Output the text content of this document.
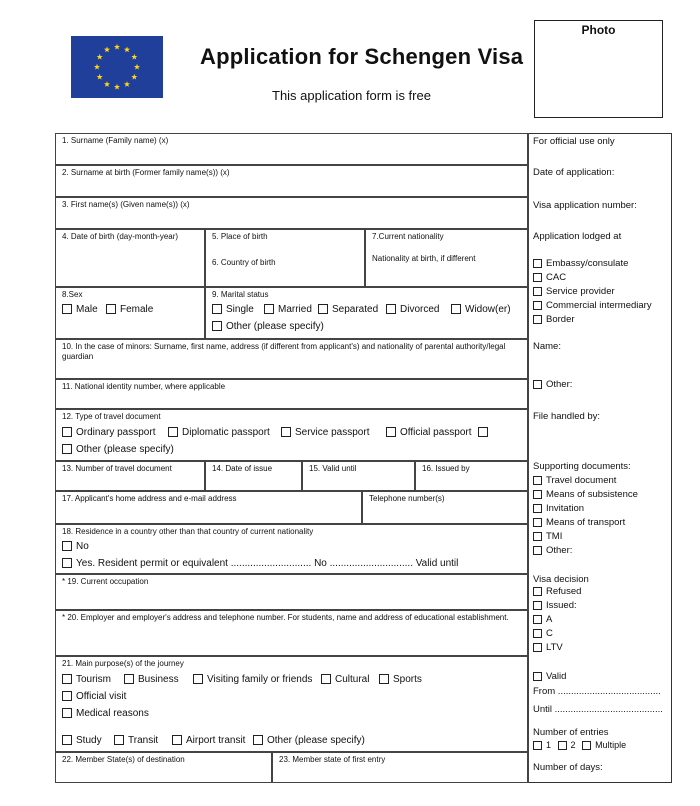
Application for Schengen Visa
This application form is free
Photo
1. Surname (Family name) (x)
2. Surname at birth (Former family name(s)) (x)
3. First name(s) (Given name(s)) (x)
4. Date of birth (day-month-year)	5. Place of birth
6. Country of birth
7.Current nationality
Nationality at birth, if different
8.Sex
Male	Female
9. Marital status
Single	Married	Separated	Divorced	Widow(er)
Other (please specify)
10. In the case of minors: Surname, first name, address (if different from applicant's) and nationality of parental authority/legal guardian
11. National identity number, where applicable
12. Type of travel document
Ordinary passport	Diplomatic passport	Service passport	Official passport
Other (please specify)
13. Number of travel document	14. Date of issue	15. Valid until	16. Issued by
17. Applicant's home address and e-mail address	Telephone number(s)
18. Residence in a country other than that country of current nationality
No
Yes. Resident permit or equivalent ............................. No .............................. Valid until
* 19. Current occupation
* 20. Employer and employer's address and telephone number. For students, name and address of educational establishment.
21. Main purpose(s) of the journey
Tourism	Business	Visiting family or friends	Cultural	Sports
Official visit
Medical reasons
Study	Transit	Airport transit	Other (please specify)
22. Member State(s) of destination	23. Member state of first entry
For official use only
Date of application:
Visa application number:
Application lodged at
Embassy/consulate
CAC
Service provider
Commercial intermediary
Border
Name:
Other:
File handled by:
Supporting documents:
Travel document
Means of subsistence
Invitation
Means of transport
TMI
Other:
Visa decision
Refused
Issued:
A
C
LTV
Valid
From .......................................
Until .........................................
Number of entries
1 2 Multiple
Number of days:
